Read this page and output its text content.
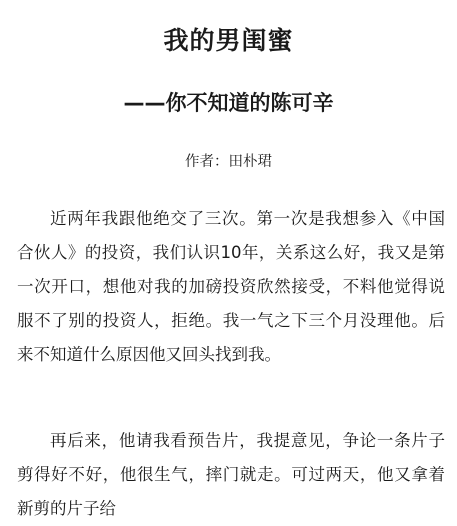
我的男闺蜜
——你不知道的陈可辛

作者：田朴珺

近两年我跟他绝交了三次。第一次是我想参入《中国合伙人》的投资，我们认识10年，关系这么好，我又是第一次开口，想他对我的加磅投资欣然接受，不料他觉得说服不了别的投资人，拒绝。我一气之下三个月没理他。后来不知道什么原因他又回头找到我。

再后来，他请我看预告片，我提意见，争论一条片子剪得好不好，他很生气，摔门就走。可过两天，他又拿着新剪的片子给
